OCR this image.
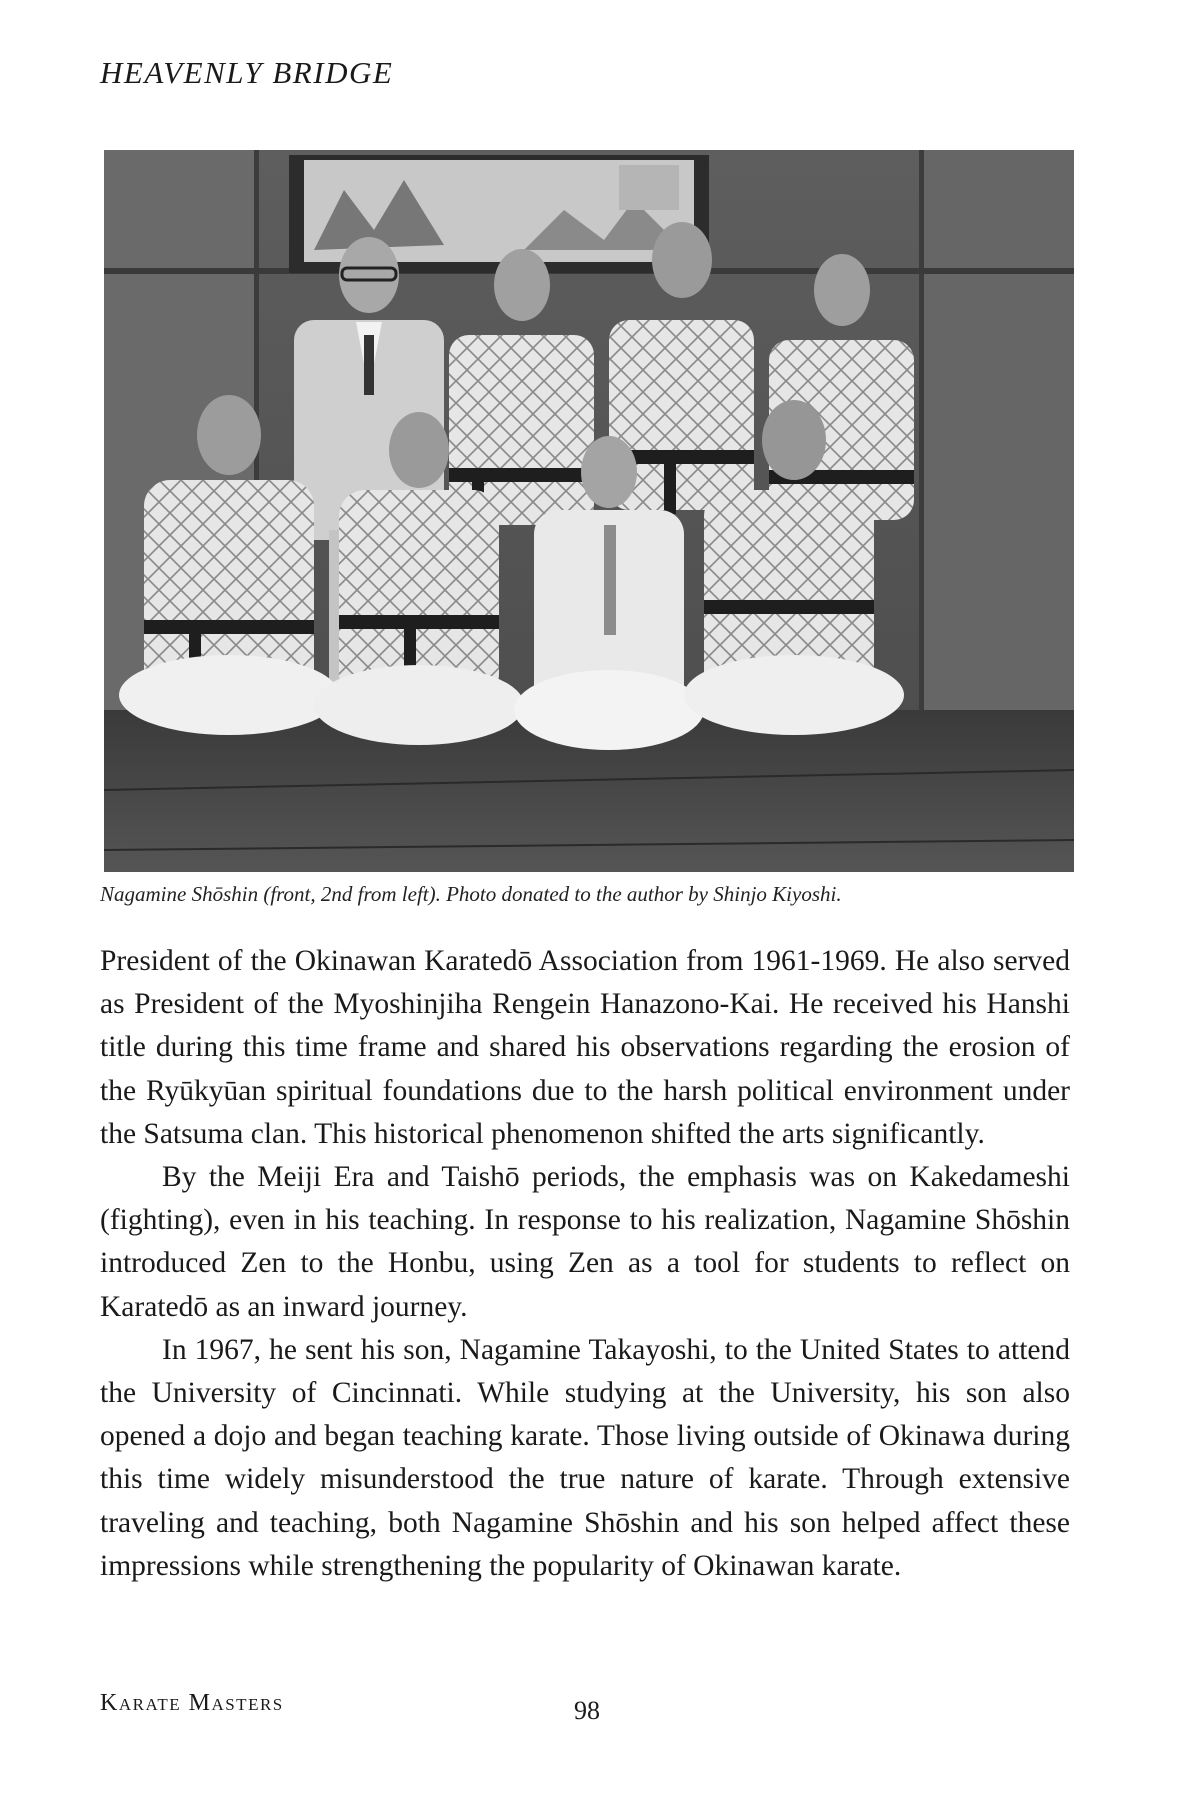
HEAVENLY BRIDGE
Nagamine Shōshin (front, 2nd from left). Photo donated to the author by Shinjo Kiyoshi.

President of the Okinawan Karatedō Association from 1961-1969. He also served as President of the Myoshinjiha Rengein Hanazono-Kai. He received his Hanshi title during this time frame and shared his observations regarding the erosion of the Ryūkyūan spiritual foundations due to the harsh political environment under the Satsuma clan. This historical phenomenon shifted the arts significantly.

By the Meiji Era and Taishō periods, the emphasis was on Kakedameshi (fighting), even in his teaching. In response to his realization, Nagamine Shōshin introduced Zen to the Honbu, using Zen as a tool for students to reflect on Karatedō as an inward journey.

In 1967, he sent his son, Nagamine Takayoshi, to the United States to attend the University of Cincinnati. While studying at the University, his son also opened a dojo and began teaching karate. Those living outside of Okinawa during this time widely misunderstood the true nature of karate. Through extensive traveling and teaching, both Nagamine Shōshin and his son helped affect these impressions while strengthening the popularity of Okinawan karate.

Karate Masters	98
